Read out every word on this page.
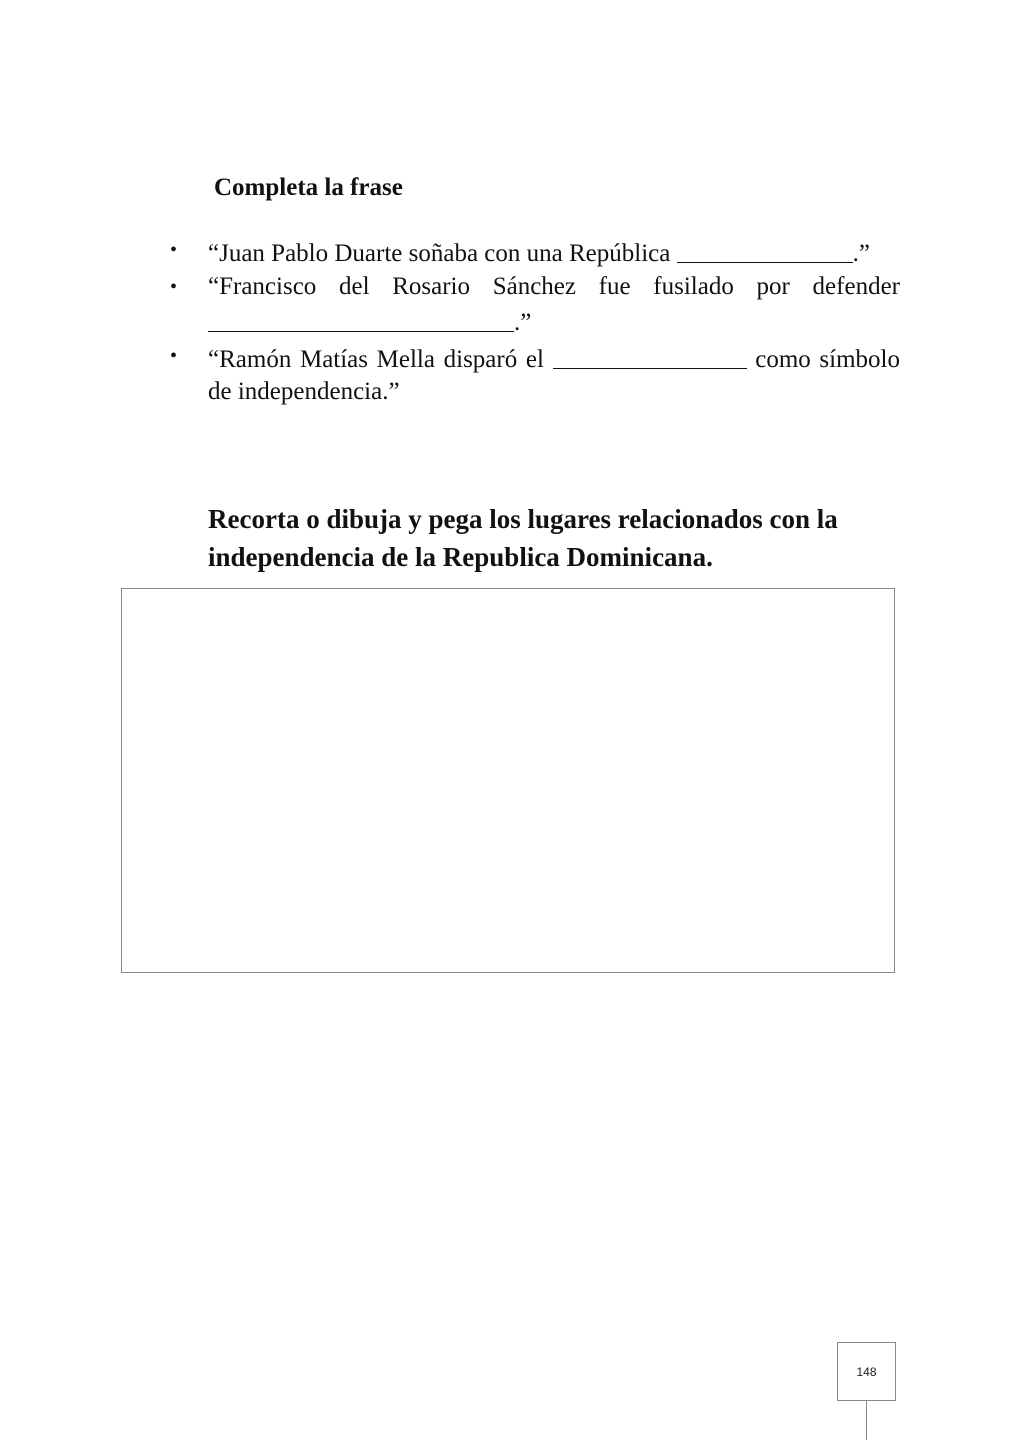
Completa la frase
•	“Juan Pablo Duarte soñaba con una República	.”
•	“Francisco del Rosario Sánchez fue fusilado por defender .”
•	“Ramón Matías Mella disparó el	como símbolo de independencia.”
Recorta o dibuja y pega los lugares relacionados con la independencia de la Republica Dominicana.
148
